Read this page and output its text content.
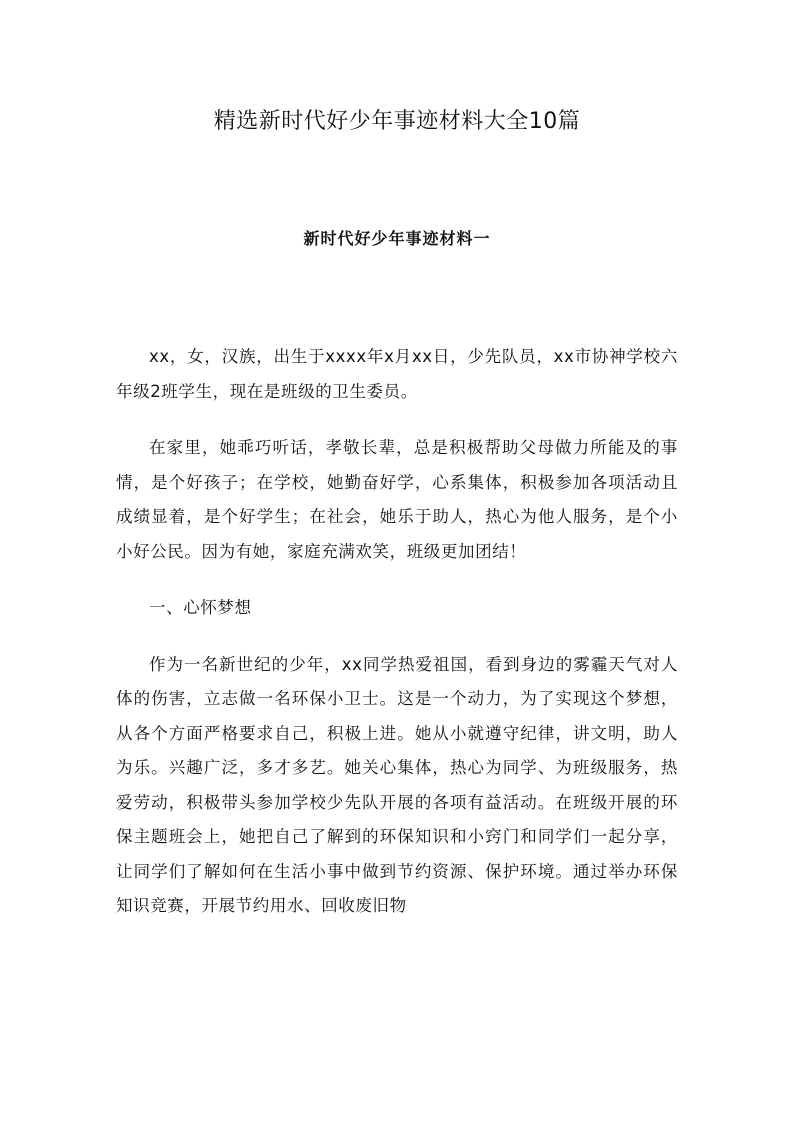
精选新时代好少年事迹材料大全10篇
新时代好少年事迹材料一

xx，女，汉族，出生于xxxx年x月xx日，少先队员，xx市协神学校六年级2班学生，现在是班级的卫生委员。

在家里，她乖巧听话，孝敬长辈，总是积极帮助父母做力所能及的事情，是个好孩子；在学校，她勤奋好学，心系集体，积极参加各项活动且成绩显着，是个好学生；在社会，她乐于助人，热心为他人服务，是个小小好公民。因为有她，家庭充满欢笑，班级更加团结！

一、心怀梦想

作为一名新世纪的少年，xx同学热爱祖国，看到身边的雾霾天气对人体的伤害，立志做一名环保小卫士。这是一个动力，为了实现这个梦想，从各个方面严格要求自己，积极上进。她从小就遵守纪律，讲文明，助人为乐。兴趣广泛，多才多艺。她关心集体，热心为同学、为班级服务，热爱劳动，积极带头参加学校少先队开展的各项有益活动。在班级开展的环保主题班会上，她把自己了解到的环保知识和小窍门和同学们一起分享，让同学们了解如何在生活小事中做到节约资源、保护环境。通过举办环保知识竞赛，开展节约用水、回收废旧物
